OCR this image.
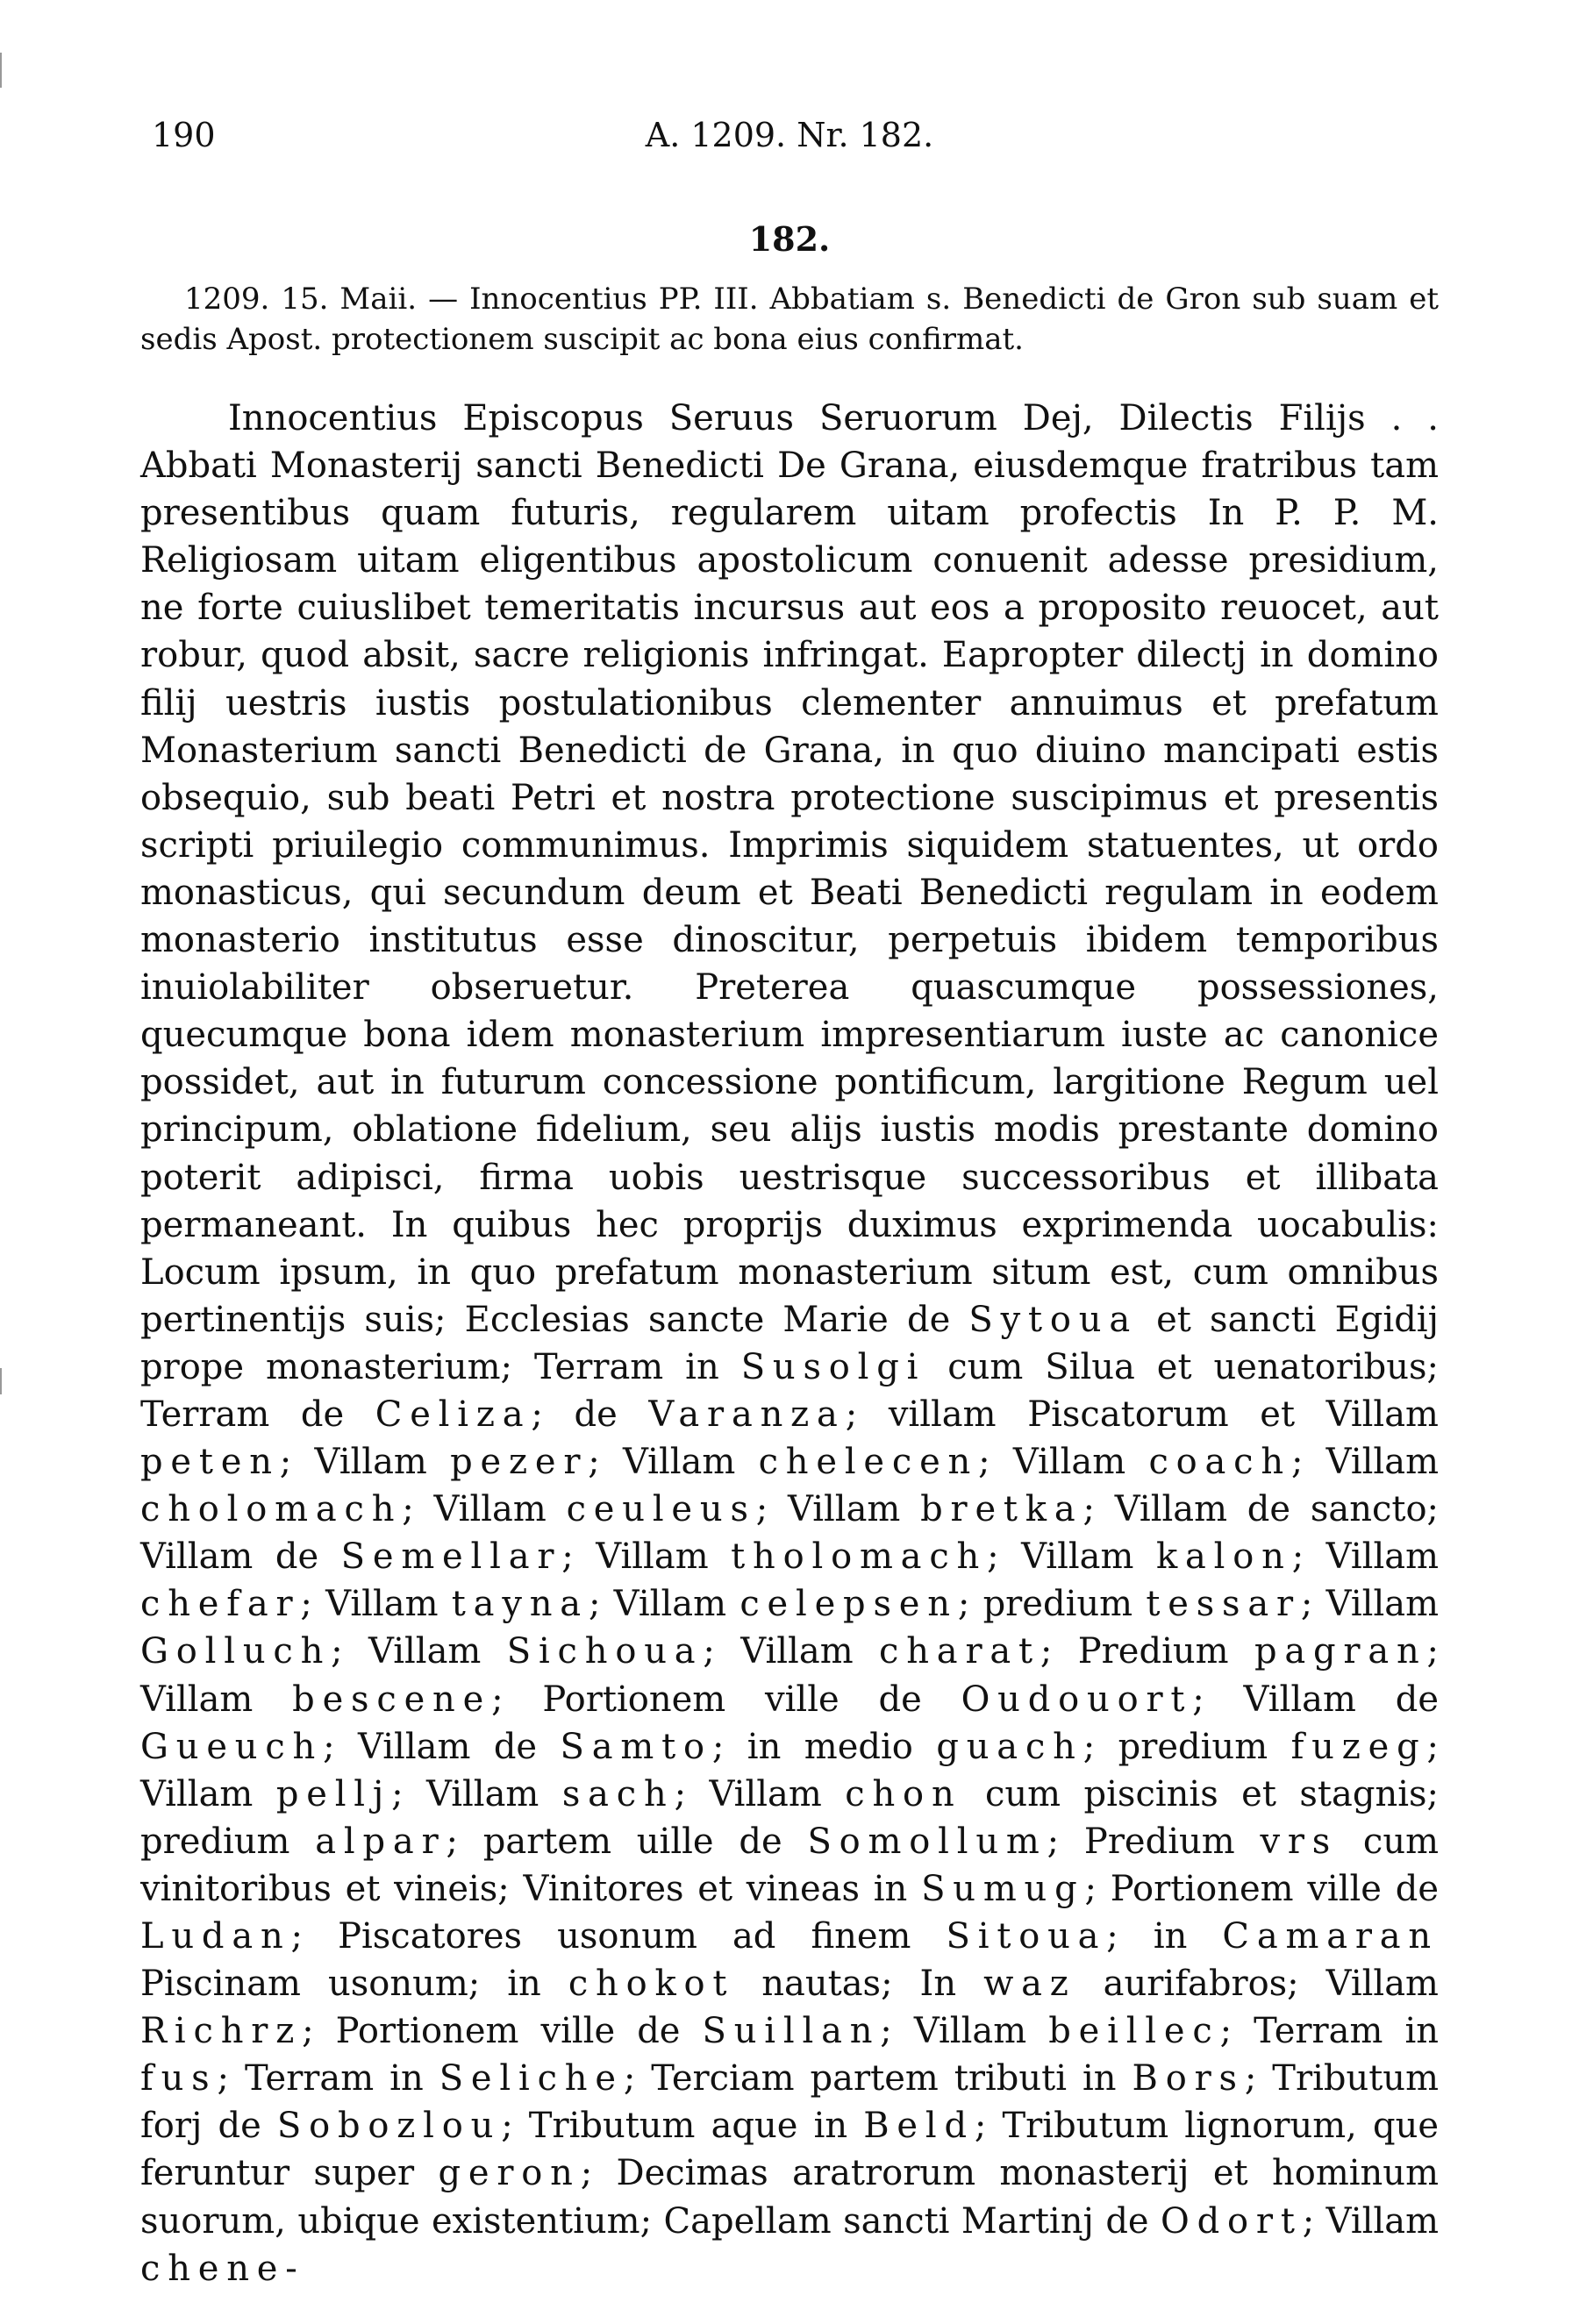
190	A. 1209. Nr. 182.
182.

1209. 15. Maii. — Innocentius PP. III. Abbatiam s. Benedicti de Gron sub suam et sedis Apost. protectionem suscipit ac bona eius confirmat.

Innocentius Episcopus Seruus Seruorum Dej, Dilectis Filijs . . Abbati Monasterij sancti Benedicti De Grana, eiusdemque fratribus tam presentibus quam futuris, regularem uitam profectis In P. P. M. Religiosam uitam eligentibus apostolicum conuenit adesse presidium, ne forte cuiuslibet temeritatis incursus aut eos a proposito reuocet, aut robur, quod absit, sacre religionis infringat. Eapropter dilectj in domino filij uestris iustis postulationibus clementer annuimus et prefatum Monasterium sancti Benedicti de Grana, in quo diuino mancipati estis obsequio, sub beati Petri et nostra protectione suscipimus et presentis scripti priuilegio communimus. Imprimis siquidem statuentes, ut ordo monasticus, qui secundum deum et Beati Benedicti regulam in eodem monasterio institutus esse dinoscitur, perpetuis ibidem temporibus inuiolabiliter obseruetur. Preterea quascumque possessiones, quecumque bona idem monasterium impresentiarum iuste ac canonice possidet, aut in futurum concessione pontificum, largitione Regum uel principum, oblatione fidelium, seu alijs iustis modis prestante domino poterit adipisci, firma uobis uestrisque successoribus et illibata permaneant. In quibus hec proprijs duximus exprimenda uocabulis: Locum ipsum, in quo prefatum monasterium situm est, cum omnibus pertinentijs suis; Ecclesias sancte Marie de Sytoua et sancti Egidij prope monasterium; Terram in Susolgi cum Silua et uenatoribus; Terram de Celiza; de Varanza; villam Piscatorum et Villam peten; Villam pezer; Villam chelecen; Villam coach; Villam cholomach; Villam ceuleus; Villam bretka; Villam de sancto; Villam de Semellar; Villam tholomach; Villam kalon; Villam chefar; Villam tayna; Villam celepsen; predium tessar; Villam Golluch; Villam Sichoua; Villam charat; Predium pagran; Villam bescene; Portionem ville de Oudouort; Villam de Gueuch; Villam de Samto; in medio guach; predium fuzeg; Villam pellj; Villam sach; Villam chon cum piscinis et stagnis; predium alpar; partem uille de Somollum; Predium vrs cum vinitoribus et vineis; Vinitores et vineas in Sumug; Portionem ville de Ludan; Piscatores usonum ad finem Sitoua; in Camaran Piscinam usonum; in chokot nautas; In waz aurifabros; Villam Richrz; Portionem ville de Suillan; Villam beillec; Terram in fus; Terram in Seliche; Terciam partem tributi in Bors; Tributum forj de Sobozlou; Tributum aque in Beld; Tributum lignorum, que feruntur super geron; Decimas aratrorum monasterij et hominum suorum, ubique existentium; Capellam sancti Martinj de Odort; Villam chene-
